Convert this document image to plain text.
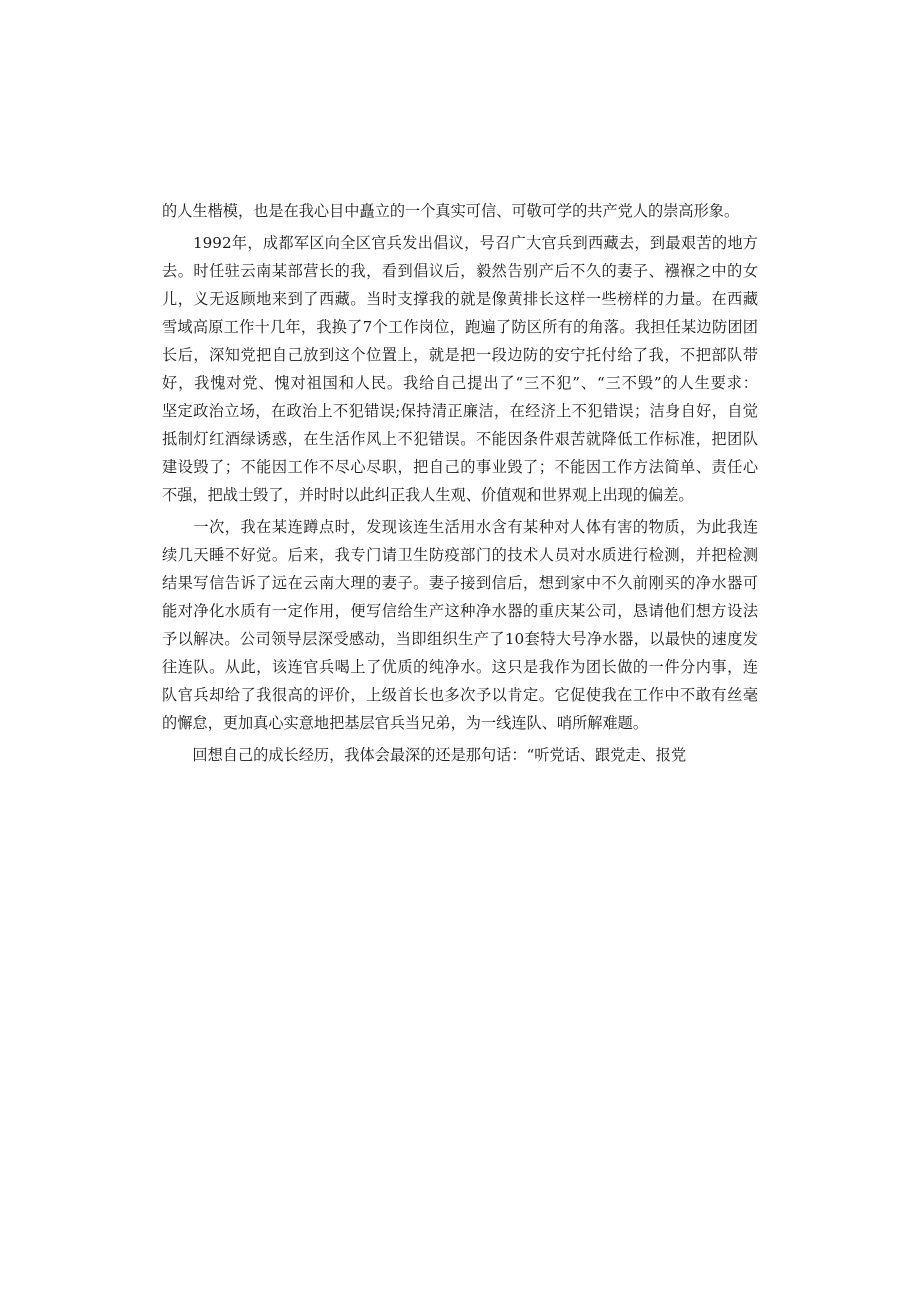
的人生楷模，也是在我心目中矗立的一个真实可信、可敬可学的共产党人的崇高形象。
　　1992年，成都军区向全区官兵发出倡议，号召广大官兵到西藏去，到最艰苦的地方
去。时任驻云南某部营长的我，看到倡议后，毅然告别产后不久的妻子、襁褓之中的女
儿，义无返顾地来到了西藏。当时支撑我的就是像黄排长这样一些榜样的力量。在西藏
雪域高原工作十几年，我换了7个工作岗位，跑遍了防区所有的角落。我担任某边防团团
长后，深知党把自己放到这个位置上，就是把一段边防的安宁托付给了我，不把部队带
好，我愧对党、愧对祖国和人民。我给自己提出了“三不犯”、“三不毁”的人生要求：
坚定政治立场，在政治上不犯错误;保持清正廉洁，在经济上不犯错误；洁身自好，自觉
抵制灯红酒绿诱惑，在生活作风上不犯错误。不能因条件艰苦就降低工作标准，把团队
建设毁了；不能因工作不尽心尽职，把自己的事业毁了；不能因工作方法简单、责任心
不强，把战士毁了，并时时以此纠正我人生观、价值观和世界观上出现的偏差。
　　一次，我在某连蹲点时，发现该连生活用水含有某种对人体有害的物质，为此我连
续几天睡不好觉。后来，我专门请卫生防疫部门的技术人员对水质进行检测，并把检测
结果写信告诉了远在云南大理的妻子。妻子接到信后，想到家中不久前刚买的净水器可
能对净化水质有一定作用，便写信给生产这种净水器的重庆某公司，恳请他们想方设法
予以解决。公司领导层深受感动，当即组织生产了10套特大号净水器，以最快的速度发
往连队。从此，该连官兵喝上了优质的纯净水。这只是我作为团长做的一件分内事，连
队官兵却给了我很高的评价，上级首长也多次予以肯定。它促使我在工作中不敢有丝毫
的懈怠，更加真心实意地把基层官兵当兄弟，为一线连队、哨所解难题。
　　回想自己的成长经历，我体会最深的还是那句话：“听党话、跟党走、报党
